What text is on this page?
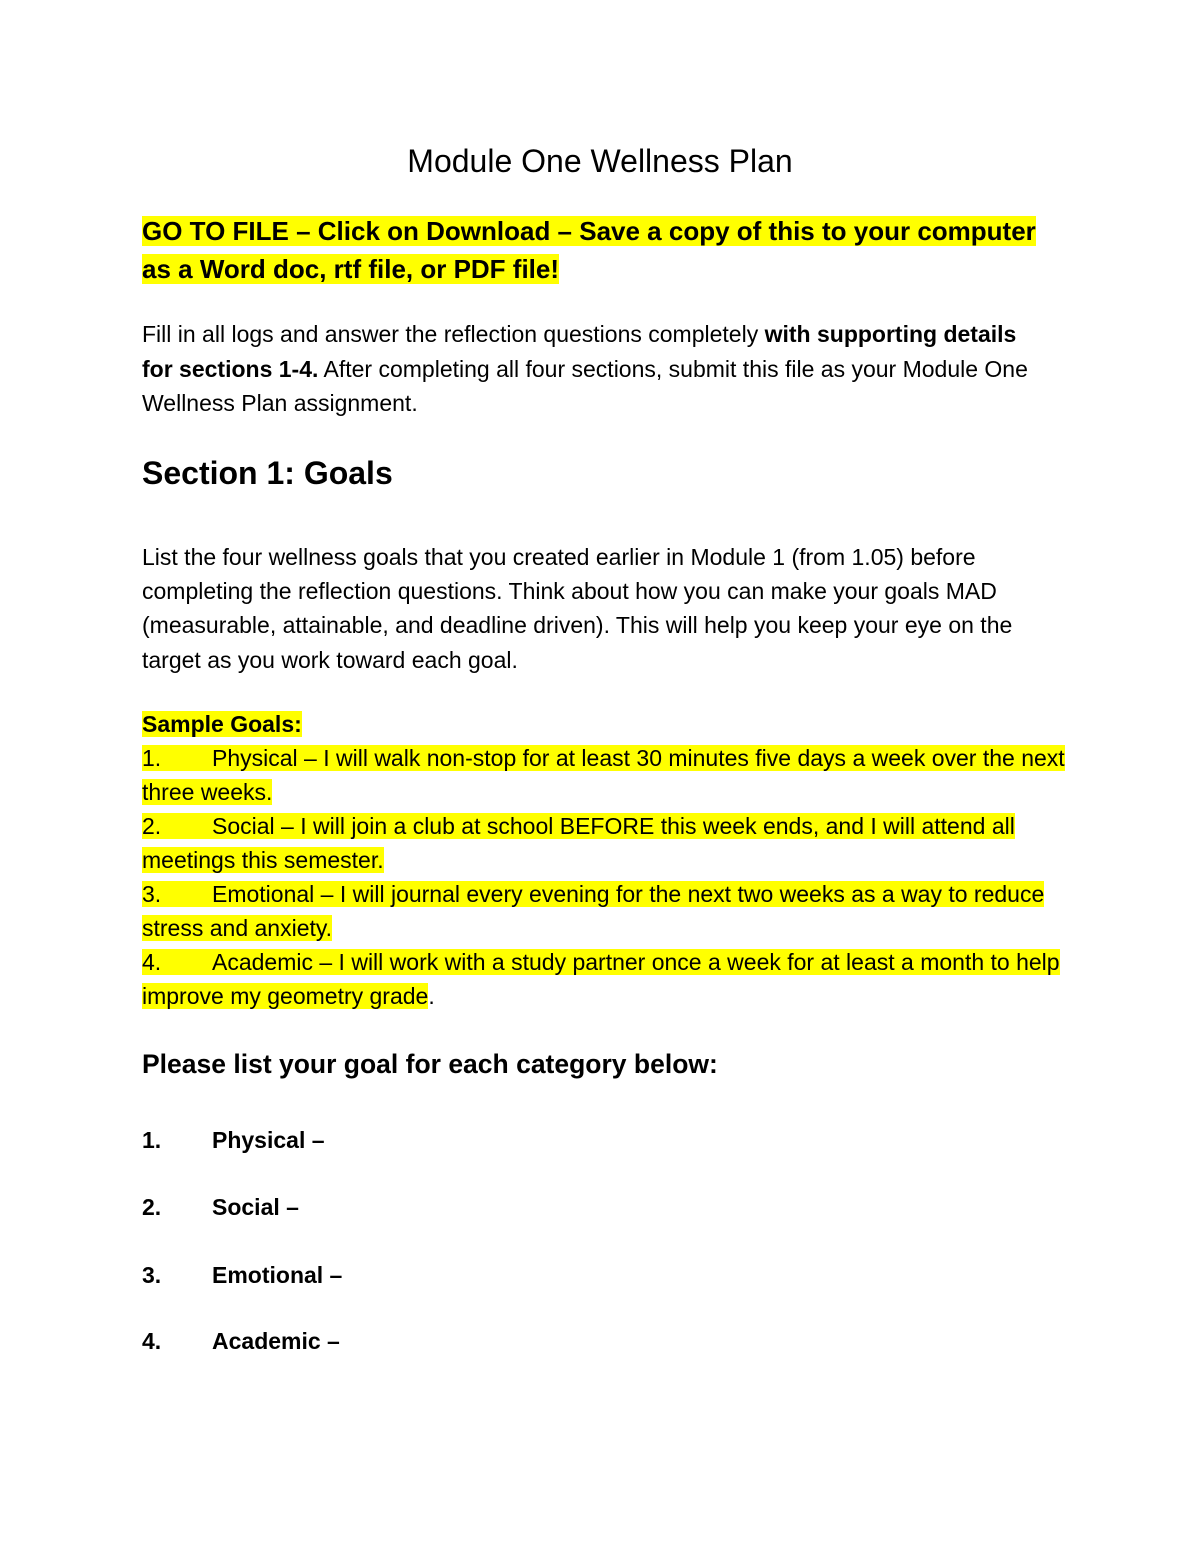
Module One Wellness Plan
GO TO FILE – Click on Download – Save a copy of this to your computer as a Word doc, rtf file, or PDF file!
Fill in all logs and answer the reflection questions completely with supporting details for sections 1-4. After completing all four sections, submit this file as your Module One Wellness Plan assignment.
Section 1: Goals
List the four wellness goals that you created earlier in Module 1 (from 1.05) before completing the reflection questions. Think about how you can make your goals MAD (measurable, attainable, and deadline driven). This will help you keep your eye on the target as you work toward each goal.
Sample Goals:
1. Physical – I will walk non-stop for at least 30 minutes five days a week over the next three weeks.
2. Social – I will join a club at school BEFORE this week ends, and I will attend all meetings this semester.
3. Emotional – I will journal every evening for the next two weeks as a way to reduce stress and anxiety.
4. Academic – I will work with a study partner once a week for at least a month to help improve my geometry grade.
Please list your goal for each category below:
1. Physical –
2. Social –
3. Emotional –
4. Academic –
